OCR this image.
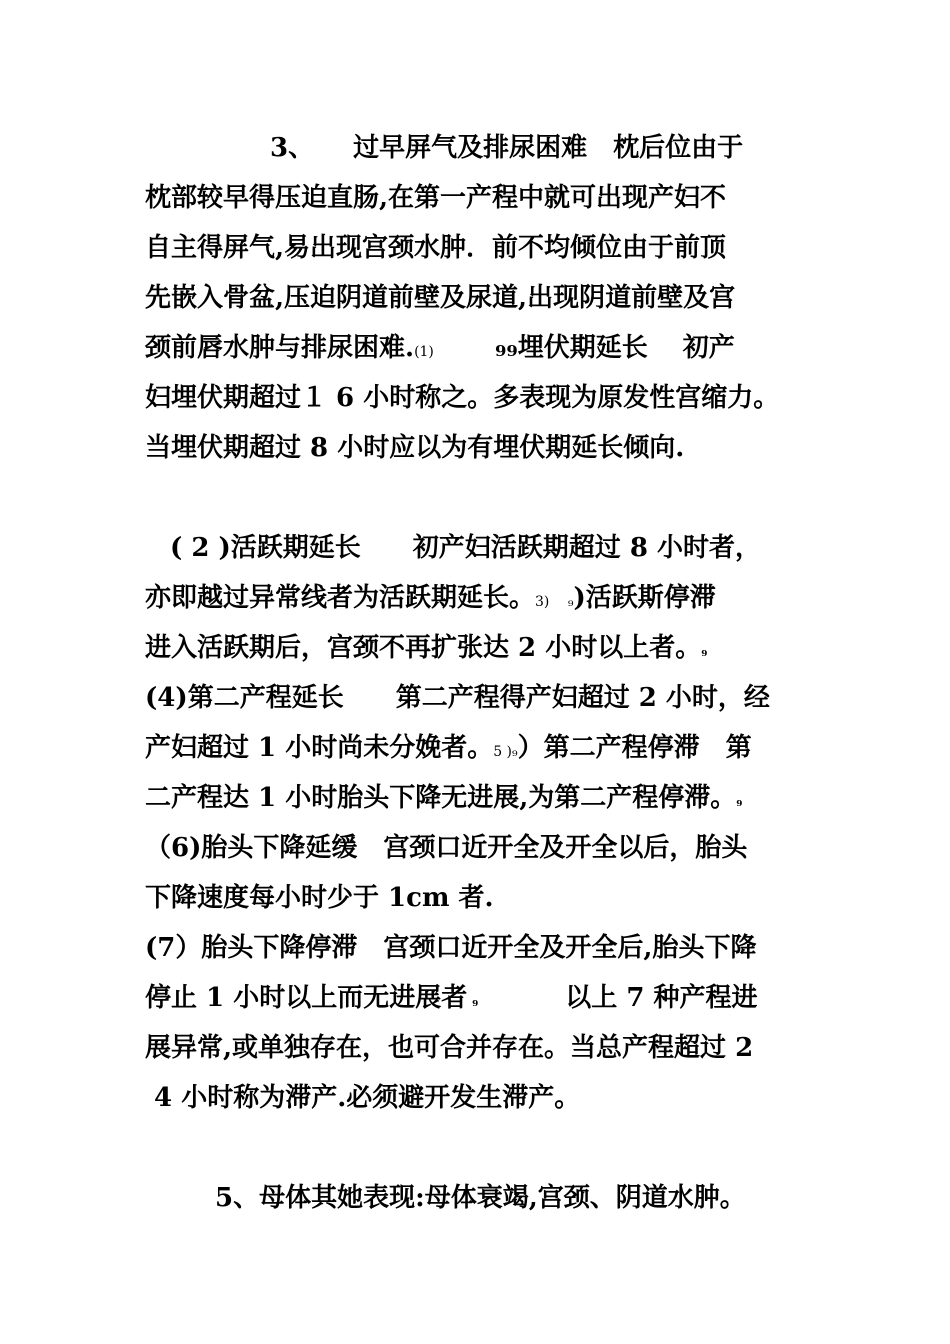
3、　　过早屏气及排尿困难　枕后位由于
枕部较早得压迫直肠,在第一产程中就可出现产妇不
自主得屏气,易出现宫颈水肿．前不均倾位由于前顶
先嵌入骨盆,压迫阴道前壁及尿道,出现阴道前壁及宫
颈前唇水肿与排尿困难.(1)　　 ₉₉埋伏期延长　 初产
妇埋伏期超过１ 6 小时称之。多表现为原发性宫缩力。
当埋伏期超过 8 小时应以为有埋伏期延长倾向.
( 2 )活跃期延长　　初产妇活跃期超过 8 小时者，
亦即越过异常线者为活跃期延长。3)　 ₉)活跃斯停滞
进入活跃期后，宫颈不再扩张达 2 小时以上者。₉
(4)第二产程延长　　第二产程得产妇超过 2 小时，经
产妇超过 1 小时尚未分娩者。5 )₉）第二产程停滞　第
二产程达 1 小时胎头下降无进展,为第二产程停滞。₉
（6)胎头下降延缓　宫颈口近开全及开全以后，胎头
下降速度每小时少于 1cm 者.
(7）胎头下降停滞　宫颈口近开全及开全后,胎头下降
停止 1 小时以上而无进展者 ₉　　　 以上 7 种产程进
展异常,或单独存在，也可合并存在。当总产程超过 2
4 小时称为滞产.必须避开发生滞产。
5、母体其她表现:母体衰竭,宫颈、阴道水肿。
